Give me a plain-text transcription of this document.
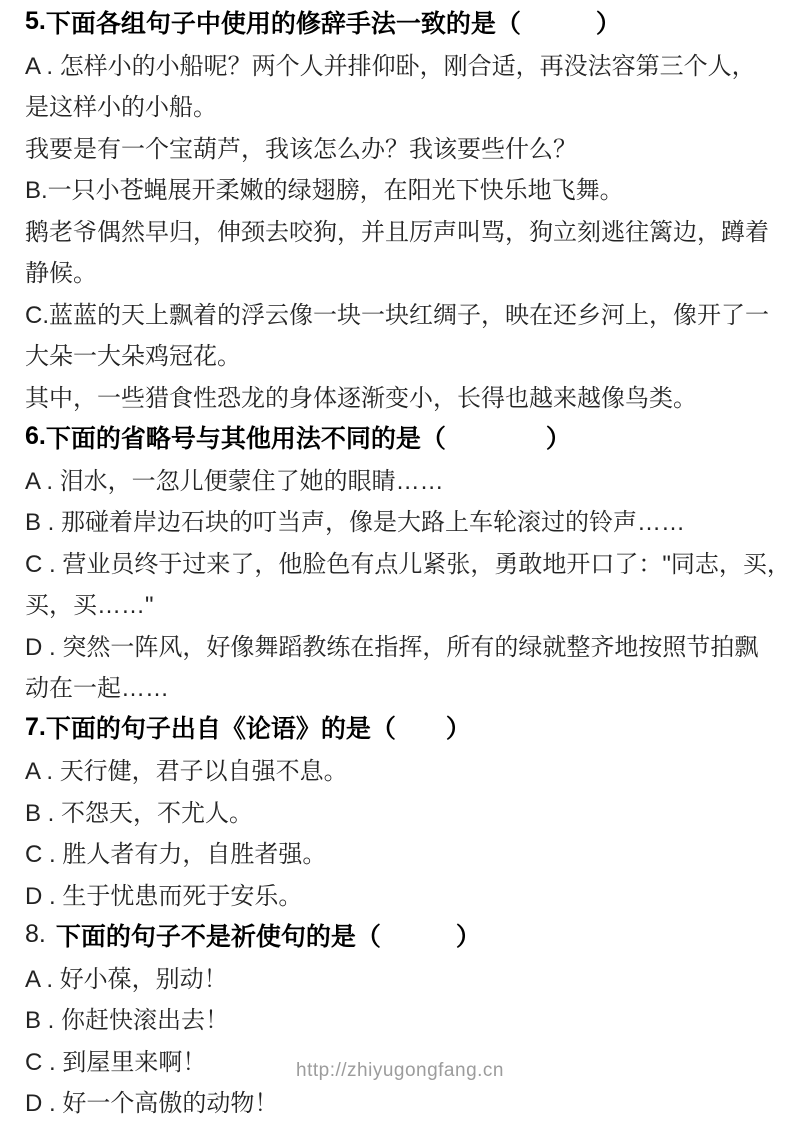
5. 下面各组句子中使用的修辞手法一致的是（　　　）
A . 怎样小的小船呢？两个人并排仰卧，刚合适，再没法容第三个人，
是这样小的小船。
我要是有一个宝葫芦，我该怎么办？我该要些什么？
B.一只小苍蝇展开柔嫩的绿翅膀，在阳光下快乐地飞舞。
鹅老爷偶然早归，伸颈去咬狗，并且厉声叫骂，狗立刻逃往篱边，蹲着
静候。
C.蓝蓝的天上飘着的浮云像一块一块红绸子，映在还乡河上，像开了一
大朵一大朵鸡冠花。
其中，一些猎食性恐龙的身体逐渐变小，长得也越来越像鸟类。
6. 下面的省略号与其他用法不同的是（　　　　）
A . 泪水，一忽儿便蒙住了她的眼睛……
B . 那碰着岸边石块的叮当声，像是大路上车轮滚过的铃声……
C . 营业员终于过来了，他脸色有点儿紧张，勇敢地开口了："同志，买，
买，买……"
D . 突然一阵风，好像舞蹈教练在指挥，所有的绿就整齐地按照节拍飘
动在一起……
7. 下面的句子出自《论语》的是（　　）
A . 天行健，君子以自强不息。
B . 不怨天，不尤人。
C . 胜人者有力，自胜者强。
D . 生于忧患而死于安乐。
8. 下面的句子不是祈使句的是（　　　）
A . 好小葆，别动！
B . 你赶快滚出去！
C . 到屋里来啊！
D . 好一个高傲的动物！
http://zhiyugongfang.cn
